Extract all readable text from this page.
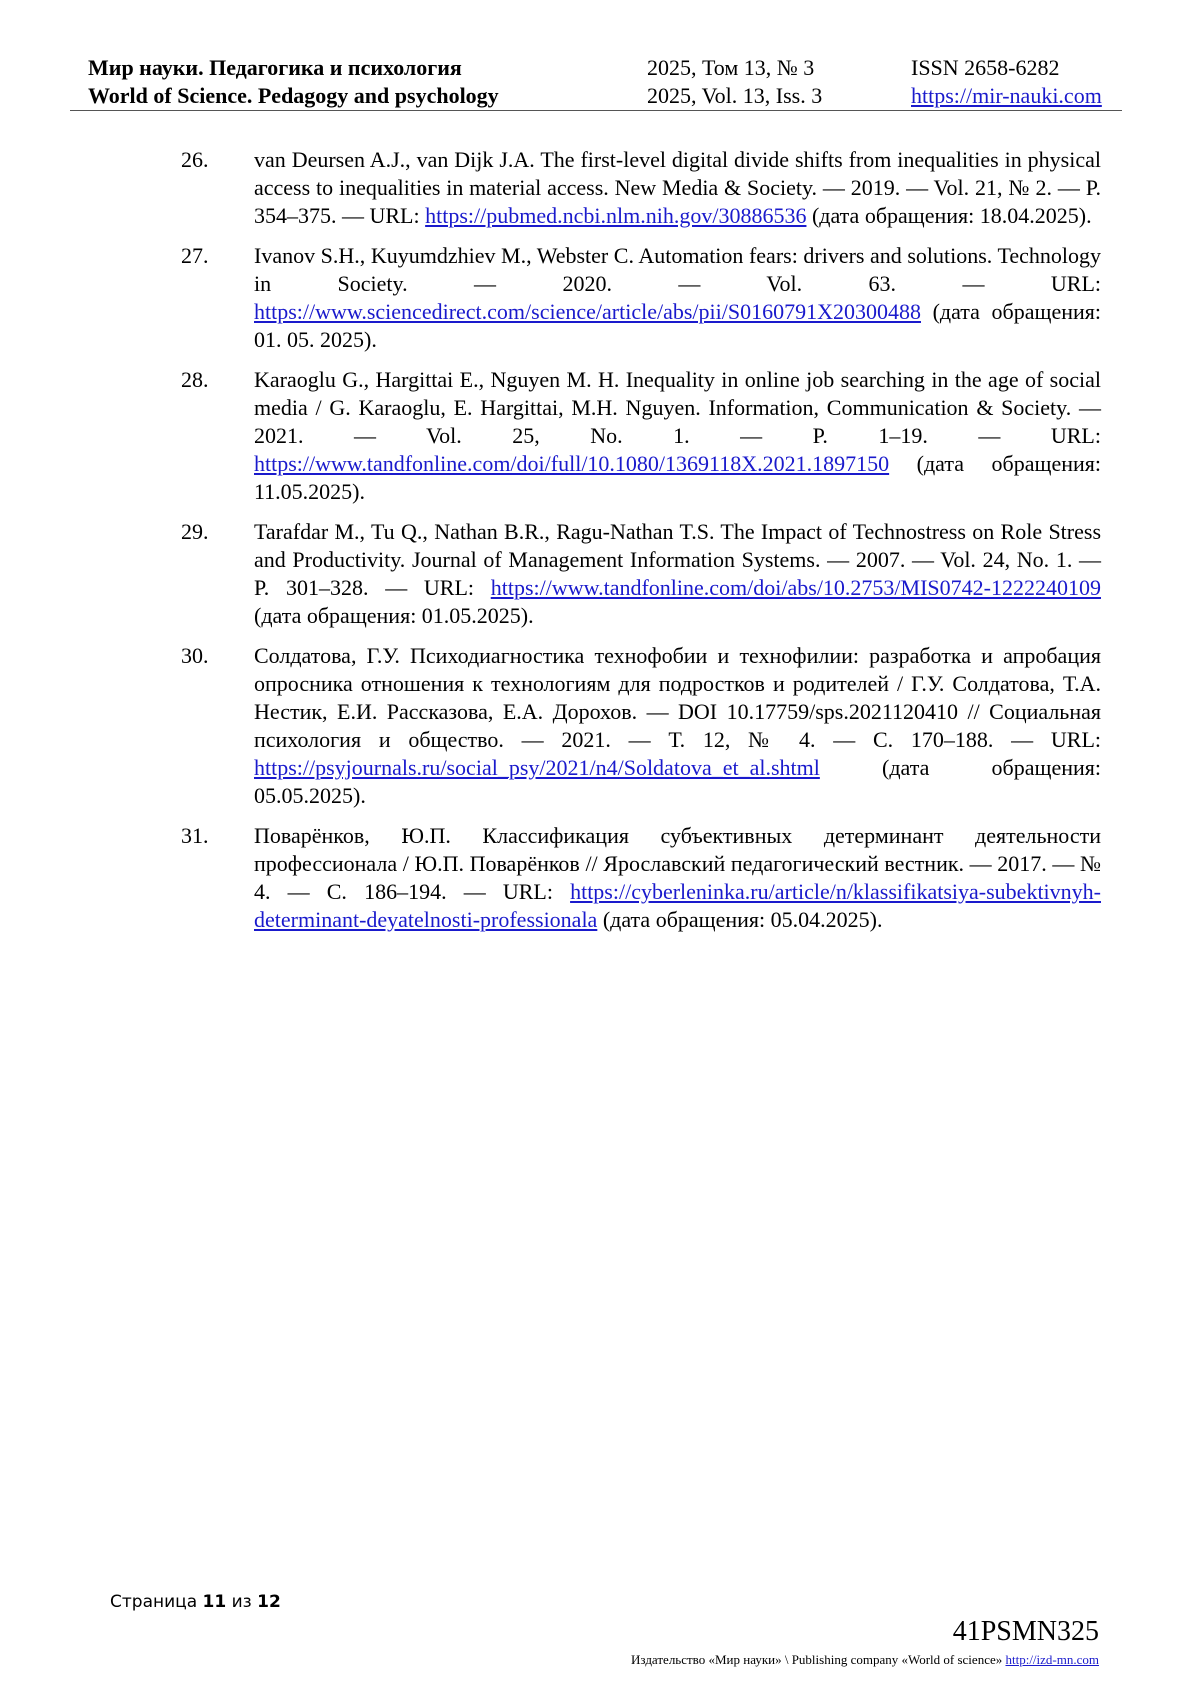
Мир науки. Педагогика и психология
World of Science. Pedagogy and psychology
2025, Том 13, № 3
2025, Vol. 13, Iss. 3
ISSN 2658-6282
https://mir-nauki.com
26. van Deursen A.J., van Dijk J.A. The first-level digital divide shifts from inequalities in physical access to inequalities in material access. New Media & Society. — 2019. — Vol. 21, № 2. — P. 354–375. — URL: https://pubmed.ncbi.nlm.nih.gov/30886536 (дата обращения: 18.04.2025).
27. Ivanov S.H., Kuyumdzhiev M., Webster C. Automation fears: drivers and solutions. Technology in Society. — 2020. — Vol. 63. — URL: https://www.sciencedirect.com/science/article/abs/pii/S0160791X20300488 (дата обращения: 01. 05. 2025).
28. Karaoglu G., Hargittai E., Nguyen M. H. Inequality in online job searching in the age of social media / G. Karaoglu, E. Hargittai, M.H. Nguyen. Information, Communication & Society. — 2021. — Vol. 25, No. 1. — P. 1–19. — URL: https://www.tandfonline.com/doi/full/10.1080/1369118X.2021.1897150 (дата обращения: 11.05.2025).
29. Tarafdar M., Tu Q., Nathan B.R., Ragu-Nathan T.S. The Impact of Technostress on Role Stress and Productivity. Journal of Management Information Systems. — 2007. — Vol. 24, No. 1. — P. 301–328. — URL: https://www.tandfonline.com/doi/abs/10.2753/MIS0742-1222240109 (дата обращения: 01.05.2025).
30. Солдатова, Г.У. Психодиагностика технофобии и технофилии: разработка и апробация опросника отношения к технологиям для подростков и родителей / Г.У. Солдатова, Т.А. Нестик, Е.И. Рассказова, Е.А. Дорохов. — DOI 10.17759/sps.2021120410 // Социальная психология и общество. — 2021. — Т. 12, № 4. — С. 170–188. — URL: https://psyjournals.ru/social_psy/2021/n4/Soldatova_et_al.shtml (дата обращения: 05.05.2025).
31. Поварёнков, Ю.П. Классификация субъективных детерминант деятельности профессионала / Ю.П. Поварёнков // Ярославский педагогический вестник. — 2017. — № 4. — С. 186–194. — URL: https://cyberleninka.ru/article/n/klassifikatsiya-subektivnyh-determinant-deyatelnosti-professionala (дата обращения: 05.04.2025).
Страница 11 из 12
41PSMN325
Издательство «Мир науки» \ Publishing company «World of science» http://izd-mn.com
